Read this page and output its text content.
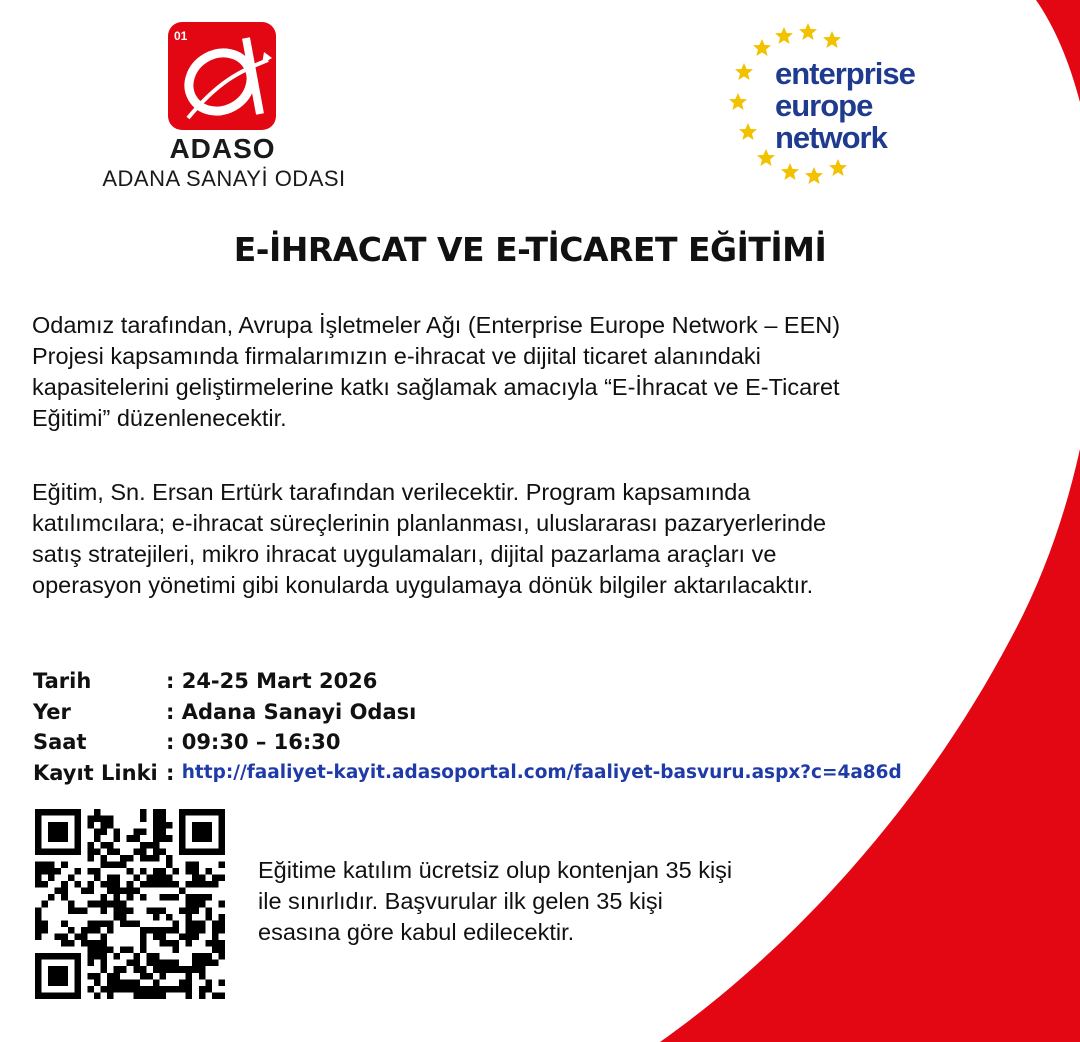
01
ADASO
ADANA SANAYİ ODASI
enterprise
europe
network
E-İHRACAT VE E-TİCARET EĞİTİMİ
Odamız tarafından, Avrupa İşletmeler Ağı (Enterprise Europe Network – EEN)
Projesi kapsamında firmalarımızın e-ihracat ve dijital ticaret alanındaki
kapasitelerini geliştirmelerine katkı sağlamak amacıyla “E-İhracat ve E-Ticaret
Eğitimi” düzenlenecektir.
Eğitim, Sn. Ersan Ertürk tarafından verilecektir. Program kapsamında
katılımcılara; e-ihracat süreçlerinin planlanması, uluslararası pazaryerlerinde
satış stratejileri, mikro ihracat uygulamaları, dijital pazarlama araçları ve
operasyon yönetimi gibi konularda uygulamaya dönük bilgiler aktarılacaktır.
Tarih	: 24-25 Mart 2026
Yer	: Adana Sanayi Odası
Saat	: 09:30 – 16:30
Kayıt Linki : http://faaliyet-kayit.adasoportal.com/faaliyet-basvuru.aspx?c=4a86d
Eğitime katılım ücretsiz olup kontenjan 35 kişi
ile sınırlıdır. Başvurular ilk gelen 35 kişi
esasına göre kabul edilecektir.
